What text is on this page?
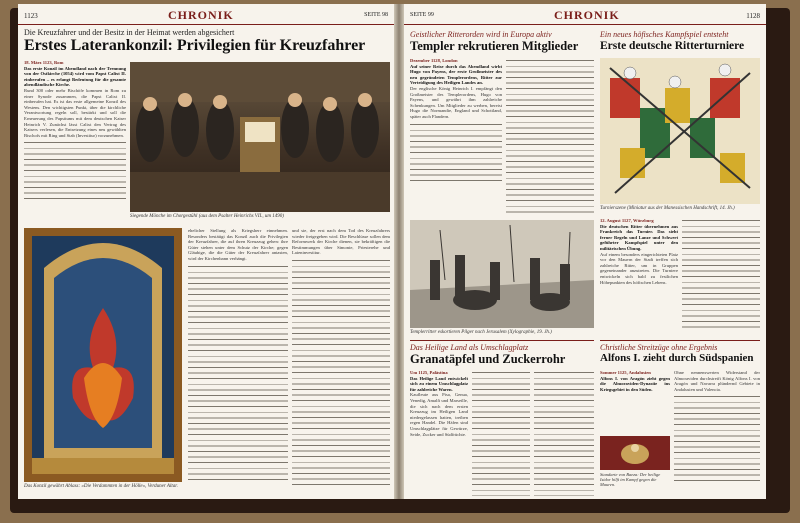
1123	CHRONIK	SEITE 98
Die Kreuzfahrer und der Besitz in der Heimat werden abgesichert
Erstes Laterankonzil: Privilegien für Kreuzfahrer
18. März 1123, Rom
Das erste Konzil im Abendland nach der Trennung von der Ostkirche (1054) wird vom Papst Calixt II. einberufen – es erlangt Bedeutung für die gesamte abendländische Kirche.
Rund 300 oder mehr Bischöfe kommen in Rom zu einer Synode zusammen, die Papst Calixt II. einberufen hat. Es ist das erste allgemeine Konzil des Westens. Den wichtigsten Punkt, über die kirchliche Verantwortung regeln soll, bestärkt und soll die Erneuerung des Papsttums mit dem deutschen Kaiser Heinrich V. Zunächst lässt Calixt den Vertrag des Kaisers verlesen, die Entsetzung eines neu gewählten Bischofs mit Ring und Stab (Investitur) vorzunehmen.
Siegende Mönche im Chorgestühl (aus dem Psalter Heinrichs VII., um 1490)
Das Konzil gewährt Ablass: »Die Verdammten in der Hölle«, Verduner Altar.
ehelicher Stellung als Kriegsherr einnehmen. Besonders bestätigt das Konzil auch die Privilegien der Kreuzfahrer, die auf ihren Kreuzzug gehen: ihre Güter stehen unter dem Schutz der Kirche; gegen Gläubige, die die Güter der Kreuzfahrer antasten, wird der Kirchenbann verhängt.
und sie, der erst nach dem Tod des Kreuzfahrers wieder freigegeben wird. Die Beschlüsse sollen dem Reformwerk der Kirche dienen, sie bekräftigen die Bestimmungen über Simonie, Priesterehe und Laieninvestitur.
SEITE 99	CHRONIK	1128
Geistlicher Ritterorden wird in Europa aktiv
Templer rekrutieren Mitglieder
Dezember 1128, London
Auf seiner Reise durch das Abendland wirbt Hugo von Payens, der erste Großmeister des neu gegründeten Templerordens, Ritter zur Verteidigung des Heiligen Landes an.
Der englische König Heinrich I. empfängt den Großmeister des Templerordens, Hugo von Payens, und gewährt ihm zahlreiche Schenkungen. Um Mitglieder zu werben, bereist Hugo die Normandie, England und Schottland, später auch Flandern.
Templerritter eskortieren Pilger nach Jerusalem (Xylographie, 19. Jh.)
Ein neues höfisches Kampfspiel entsteht
Erste deutsche Ritterturniere
Turnierszene (Miniatur aus der Manessischen Handschrift, 14. Jh.)
12. August 1127, Würzburg
Die deutschen Ritter übernehmen aus Frankreich das Turnier. Das sieht ferner Regeln und Lanze und Schwert geführter Kampfspiel unter den militärischen Übung.
Auf einem besonders eingerichteten Platz vor den Mauern der Stadt treffen sich zahlreiche Ritter, um in Gruppen gegeneinander anzutreten. Die Turniere entwickeln sich bald zu festlichen Höhepunkten des höfischen Lebens.
Das Heilige Land als Umschlagplatz
Granatäpfel und Zuckerrohr
Um 1125, Palästina
Das Heilige Land entwickelt sich zu einem Umschlagplatz für zahlreiche Waren.
Kaufleute aus Pisa, Genua, Venedig, Amalfi und Marseille, die sich nach dem ersten Kreuzzug im Heiligen Land niedergelassen hatten, treiben regen Handel. Die Häfen sind Umschlagplätze für Gewürze, Seide, Zucker und Südfrüchte.
Christliche Streitzüge ohne Ergebnis
Alfons I. zieht durch Südspanien
Sommer 1125, Andalusien
Alfons I. von Aragón zieht gegen die Almoraviden-Dynastie ins Kriegsgebiet in den Süden.
Standarte von Baeza: Der heilige Isidor hilft im Kampf gegen die Mauren.
Ohne nennenswerten Widerstand der Almoraviden durchstreift König Alfons I. von Aragón und Navarra plündernd Gebiete in Andalusien und Valencia.
